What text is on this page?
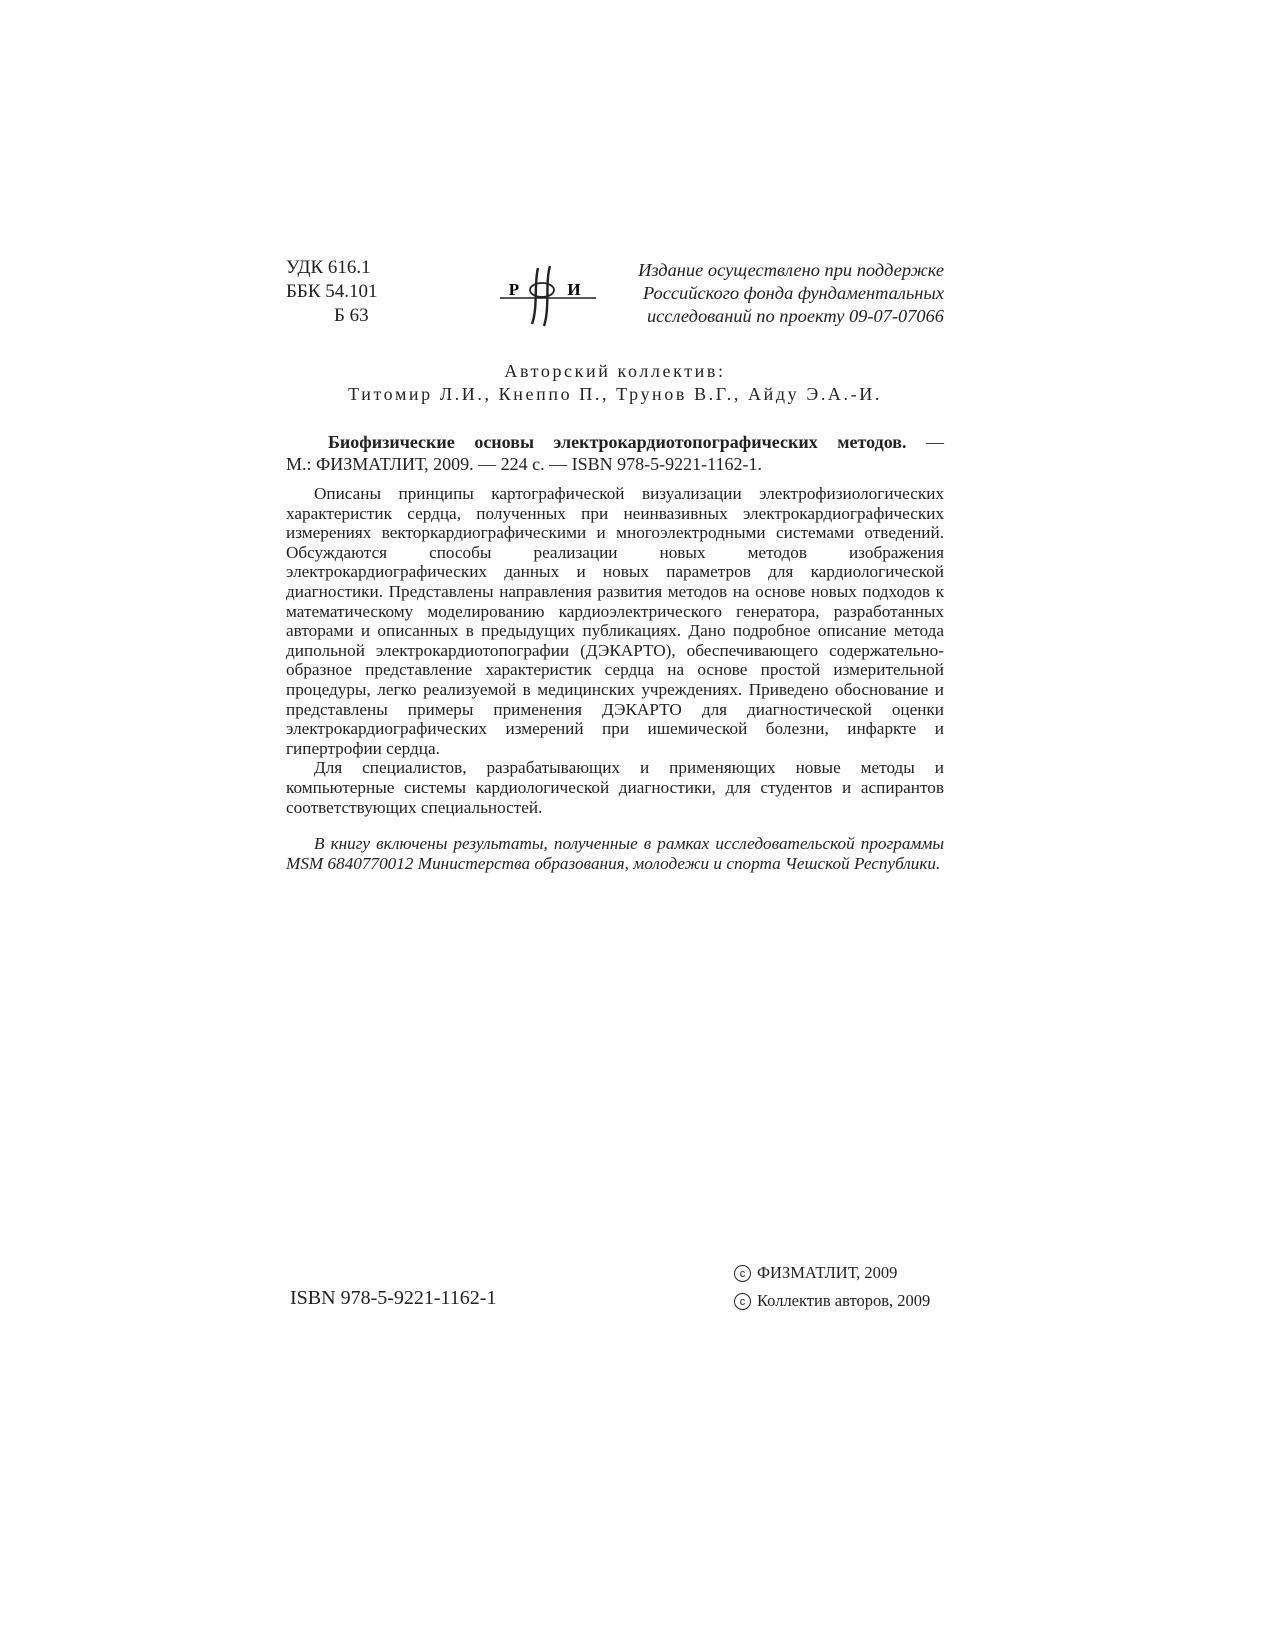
УДК 616.1
ББК 54.101
Б 63
Р	И
Издание осуществлено при поддержке
Российского фонда фундаментальных
исследований по проекту 09-07-07066
Авторский коллектив:
Титомир Л.И., Кнеппо П., Трунов В.Г., Айду Э.А.-И.
Биофизические основы электрокардиотопографических методов. —
М.: ФИЗМАТЛИТ, 2009. — 224 с. — ISBN 978-5-9221-1162-1.

Описаны принципы картографической визуализации электрофизиологических характеристик сердца, полученных при неинвазивных электрокардиографических измерениях векторкардиографическими и многоэлектродными системами отведений. Обсуждаются способы реализации новых методов изображения электрокардиографических данных и новых параметров для кардиологической диагностики. Представлены направления развития методов на основе новых подходов к математическому моделированию кардиоэлектрического генератора, разработанных авторами и описанных в предыдущих публикациях. Дано подробное описание метода дипольной электрокардиотопографии (ДЭКАРТО), обеспечивающего содержательно-образное представление характеристик сердца на основе простой измерительной процедуры, легко реализуемой в медицинских учреждениях. Приведено обоснование и представлены примеры применения ДЭКАРТО для диагностической оценки электрокардиографических измерений при ишемической болезни, инфаркте и гипертрофии сердца.

Для специалистов, разрабатывающих и применяющих новые методы и компьютерные системы кардиологической диагностики, для студентов и аспирантов соответствующих специальностей.

В книгу включены результаты, полученные в рамках исследовательской программы MSM 6840770012 Министерства образования, молодежи и спорта Чешской Республики.

ISBN 978-5-9221-1162-1
c ФИЗМАТЛИТ, 2009
c Коллектив авторов, 2009
